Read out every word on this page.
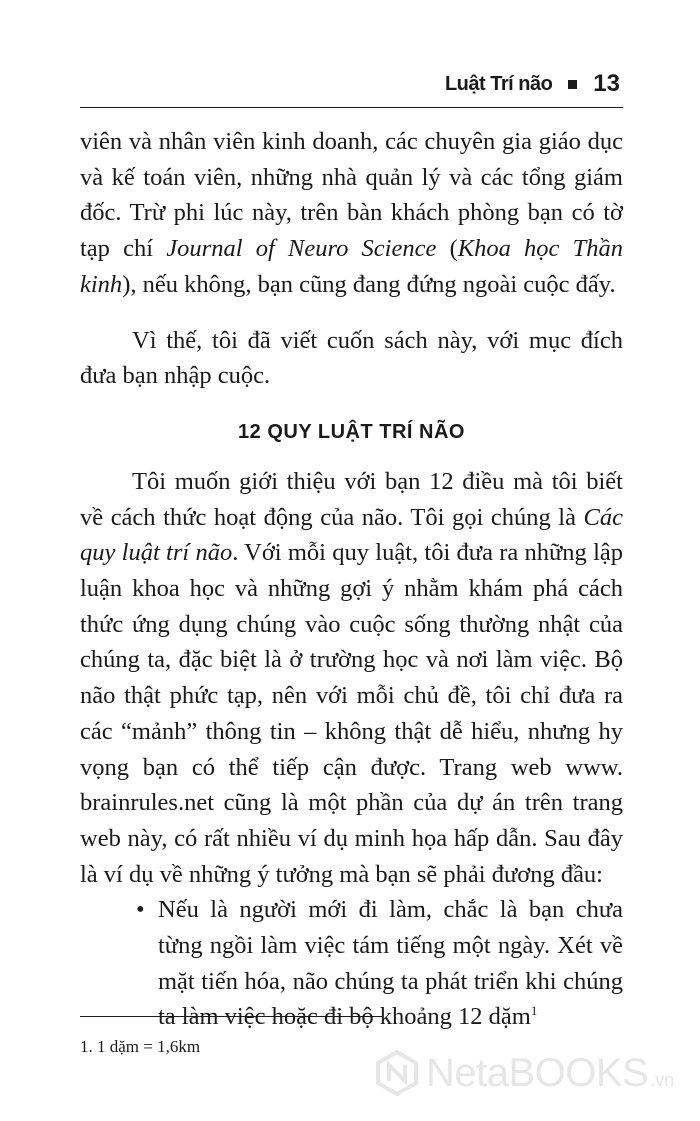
Luật Trí não 13

viên và nhân viên kinh doanh, các chuyên gia giáo dục và kế toán viên, những nhà quản lý và các tổng giám đốc. Trừ phi lúc này, trên bàn khách phòng bạn có tờ tạp chí Journal of Neuro Science (Khoa học Thần kinh), nếu không, bạn cũng đang đứng ngoài cuộc đấy.

Vì thế, tôi đã viết cuốn sách này, với mục đích đưa bạn nhập cuộc.

12 QUY LUẬT TRÍ NÃO

Tôi muốn giới thiệu với bạn 12 điều mà tôi biết về cách thức hoạt động của não. Tôi gọi chúng là Các quy luật trí não. Với mỗi quy luật, tôi đưa ra những lập luận khoa học và những gợi ý nhằm khám phá cách thức ứng dụng chúng vào cuộc sống thường nhật của chúng ta, đặc biệt là ở trường học và nơi làm việc. Bộ não thật phức tạp, nên với mỗi chủ đề, tôi chỉ đưa ra các “mảnh” thông tin – không thật dễ hiểu, nhưng hy vọng bạn có thể tiếp cận được. Trang web www. brainrules.net cũng là một phần của dự án trên trang web này, có rất nhiều ví dụ minh họa hấp dẫn. Sau đây là ví dụ về những ý tưởng mà bạn sẽ phải đương đầu:

• Nếu là người mới đi làm, chắc là bạn chưa từng ngồi làm việc tám tiếng một ngày. Xét về mặt tiến hóa, não chúng ta phát triển khi chúng ta làm việc hoặc đi bộ khoảng 12 dặm$^1$
1. 1 dặm = 1,6km
NetaBOOKS .vn
